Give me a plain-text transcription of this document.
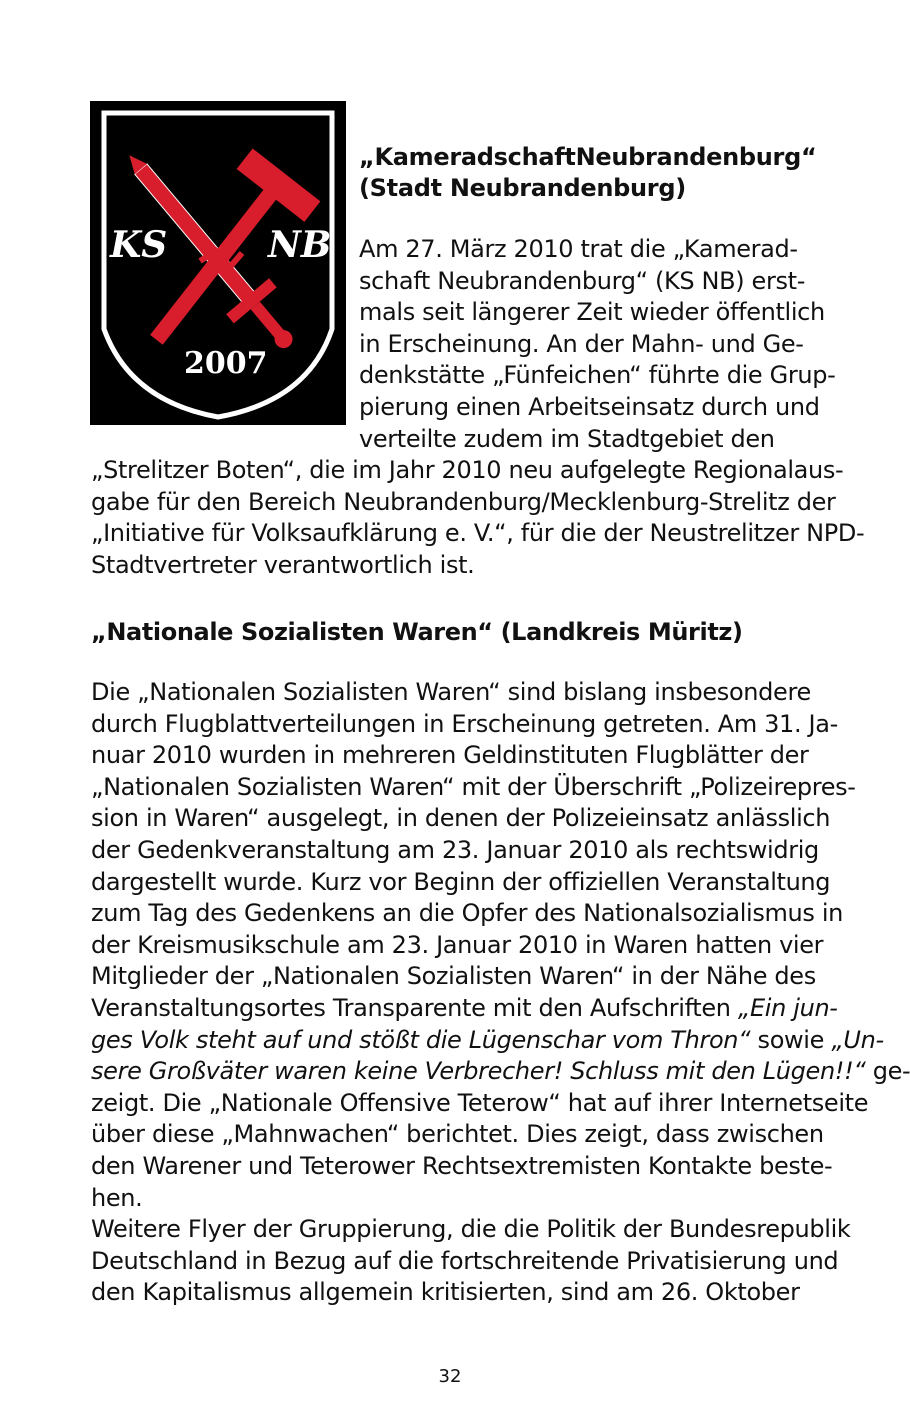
KS	NB
2007
„Kameradschaft Neubrandenburg“
(Stadt Neubrandenburg)
Am 27. März 2010 trat die „Kamerad-
schaft Neubrandenburg“ (KS NB) erst-
mals seit längerer Zeit wieder öffentlich
in Erscheinung. An der Mahn- und Ge-
denkstätte „Fünfeichen“ führte die Grup-
pierung einen Arbeitseinsatz durch und
verteilte zudem im Stadtgebiet den
„Strelitzer Boten“, die im Jahr 2010 neu aufgelegte Regionalaus-
gabe für den Bereich Neubrandenburg/Mecklenburg-Strelitz der
„Initiative für Volksaufklärung e. V.“, für die der Neustrelitzer NPD-
Stadtvertreter verantwortlich ist.
„Nationale Sozialisten Waren“ (Landkreis Müritz)
Die „Nationalen Sozialisten Waren“ sind bislang insbesondere
durch Flugblattverteilungen in Erscheinung getreten. Am 31. Ja-
nuar 2010 wurden in mehreren Geldinstituten Flugblätter der
„Nationalen Sozialisten Waren“ mit der Überschrift „Polizeirepres-
sion in Waren“ ausgelegt, in denen der Polizeieinsatz anlässlich
der Gedenkveranstaltung am 23. Januar 2010 als rechtswidrig
dargestellt wurde. Kurz vor Beginn der offiziellen Veranstaltung
zum Tag des Gedenkens an die Opfer des Nationalsozialismus in
der Kreismusikschule am 23. Januar 2010 in Waren hatten vier
Mitglieder der „Nationalen Sozialisten Waren“ in der Nähe des
Veranstaltungsortes Transparente mit den Aufschriften „Ein jun-
ges Volk steht auf und stößt die Lügenschar vom Thron“ sowie „Un-
sere Großväter waren keine Verbrecher! Schluss mit den Lügen!!“ ge-
zeigt. Die „Nationale Offensive Teterow“ hat auf ihrer Internetseite
über diese „Mahnwachen“ berichtet. Dies zeigt, dass zwischen
den Warener und Teterower Rechtsextremisten Kontakte beste-
hen.
Weitere Flyer der Gruppierung, die die Politik der Bundesrepublik
Deutschland in Bezug auf die fortschreitende Privatisierung und
den Kapitalismus allgemein kritisierten, sind am 26. Oktober
32
